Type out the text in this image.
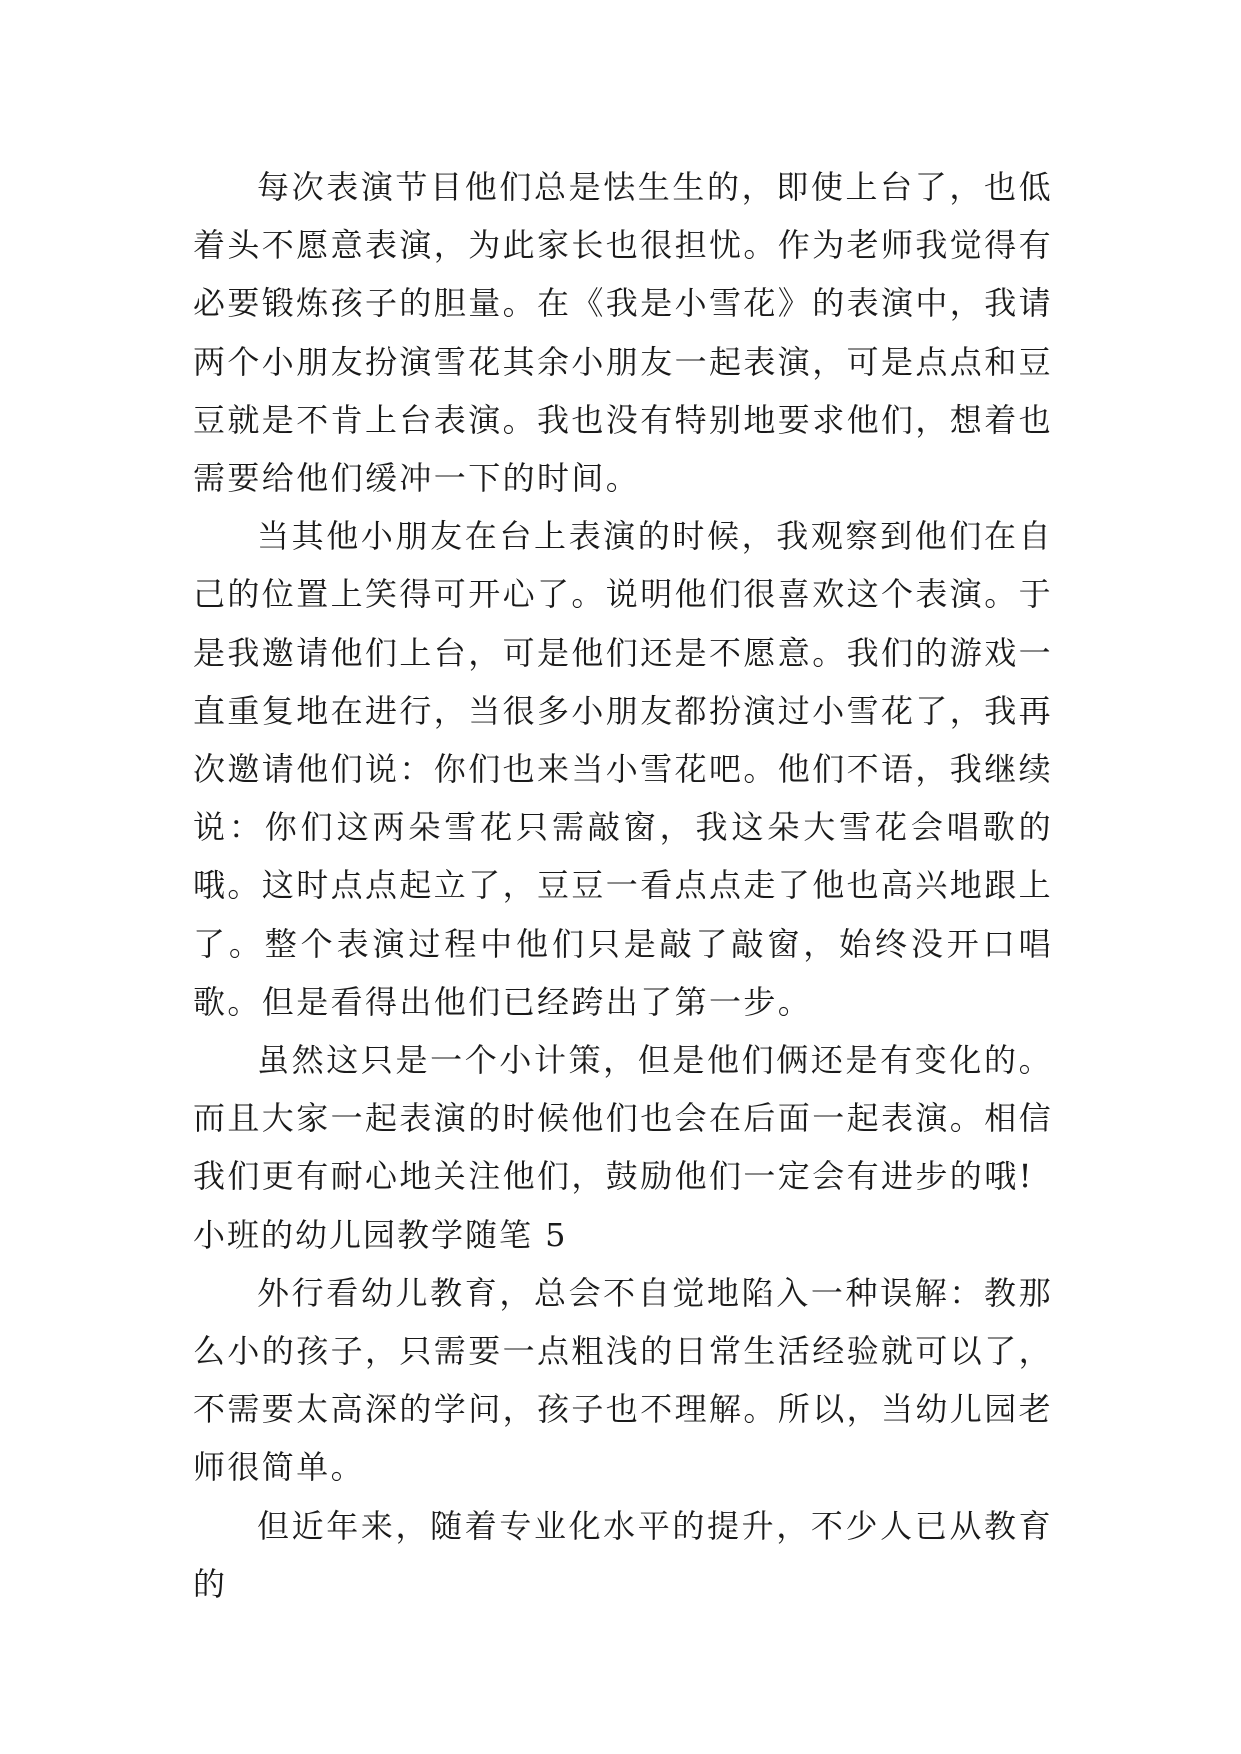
每次表演节目他们总是怯生生的，即使上台了，也低着头不愿意表演，为此家长也很担忧。作为老师我觉得有必要锻炼孩子的胆量。在《我是小雪花》的表演中，我请两个小朋友扮演雪花其余小朋友一起表演，可是点点和豆豆就是不肯上台表演。我也没有特别地要求他们，想着也需要给他们缓冲一下的时间。

当其他小朋友在台上表演的时候，我观察到他们在自己的位置上笑得可开心了。说明他们很喜欢这个表演。于是我邀请他们上台，可是他们还是不愿意。我们的游戏一直重复地在进行，当很多小朋友都扮演过小雪花了，我再次邀请他们说：你们也来当小雪花吧。他们不语，我继续说：你们这两朵雪花只需敲窗，我这朵大雪花会唱歌的哦。这时点点起立了，豆豆一看点点走了他也高兴地跟上了。整个表演过程中他们只是敲了敲窗，始终没开口唱歌。但是看得出他们已经跨出了第一步。

虽然这只是一个小计策，但是他们俩还是有变化的。而且大家一起表演的时候他们也会在后面一起表演。相信我们更有耐心地关注他们，鼓励他们一定会有进步的哦!

小班的幼儿园教学随笔 5

外行看幼儿教育，总会不自觉地陷入一种误解：教那么小的孩子，只需要一点粗浅的日常生活经验就可以了，不需要太高深的学问，孩子也不理解。所以，当幼儿园老师很简单。

但近年来，随着专业化水平的提升，不少人已从教育的
